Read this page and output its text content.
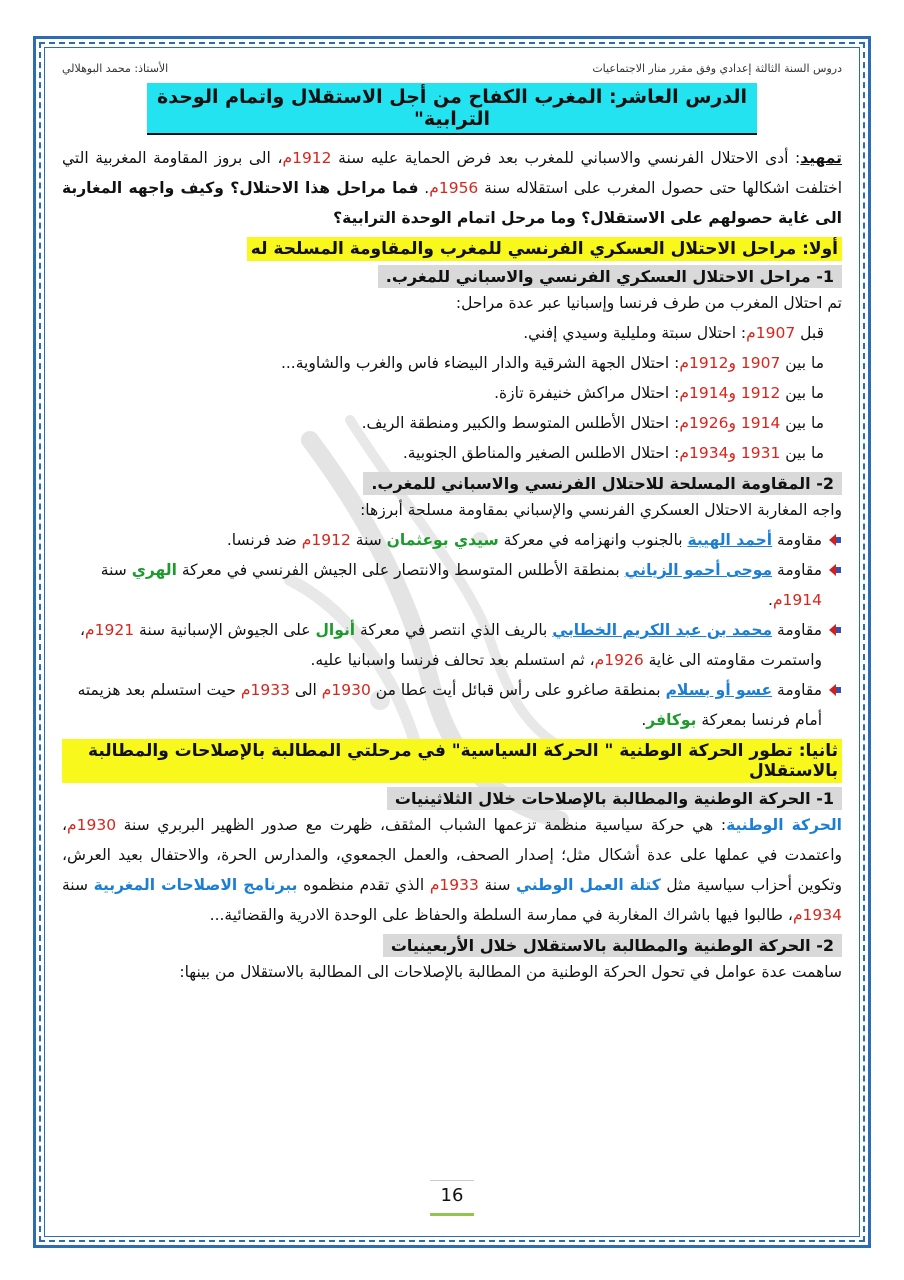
دروس السنة الثالثة إعدادي وفق مقرر منار الاجتماعيات
الأستاذ: محمد البوهلالي
الدرس العاشر: المغرب الكفاح من أجل الاستقلال واتمام الوحدة الترابية"

تمهيد: أدى الاحتلال الفرنسي والاسباني للمغرب بعد فرض الحماية عليه سنة 1912م، الى بروز المقاومة المغربية التي اختلفت اشكالها حتى حصول المغرب على استقلاله سنة 1956م. فما مراحل هذا الاحتلال؟ وكيف واجهه المغاربة الى غاية حصولهم على الاستقلال؟ وما مرحل اتمام الوحدة الترابية؟

أولا: مراحل الاحتلال العسكري الفرنسي للمغرب والمقاومة المسلحة له
1- مراحل الاحتلال العسكري الفرنسي والاسباني للمغرب.

تم احتلال المغرب من طرف فرنسا وإسبانيا عبر عدة مراحل:

قبل 1907م: احتلال سبتة ومليلية وسيدي إفني.

ما بين 1907 و1912م: احتلال الجهة الشرقية والدار البيضاء فاس والغرب والشاوية...

ما بين 1912 و1914م: احتلال مراكش خنيفرة تازة.

ما بين 1914 و1926م: احتلال الأطلس المتوسط والكبير ومنطقة الريف.

ما بين 1931 و1934م: احتلال الاطلس الصغير والمناطق الجنوبية.

2- المقاومة المسلحة للاحتلال الفرنسي والاسباني للمغرب.

واجه المغاربة الاحتلال العسكري الفرنسي والإسباني بمقاومة مسلحة أبرزها:

مقاومة أحمد الهيبة بالجنوب وانهزامه في معركة سيدي بوعثمان سنة 1912م ضد فرنسا.

مقاومة موحى أحمو الزياني بمنطقة الأطلس المتوسط والانتصار على الجيش الفرنسي في معركة الهري سنة 1914م.

مقاومة محمد بن عبد الكريم الخطابي بالريف الذي انتصر في معركة أنوال على الجيوش الإسبانية سنة 1921م، واستمرت مقاومته الى غاية 1926م، ثم استسلم بعد تحالف فرنسا واسبانيا عليه.

مقاومة عسو أو بسلام بمنطقة صاغرو على رأس قبائل أيت عطا من 1930م الى 1933م حيت استسلم بعد هزيمته أمام فرنسا بمعركة بوكافر.

ثانيا: تطور الحركة الوطنية " الحركة السياسية" في مرحلتي المطالبة بالإصلاحات والمطالبة بالاستقلال
1- الحركة الوطنية والمطالبة بالإصلاحات خلال الثلاثينيات

الحركة الوطنية: هي حركة سياسية منظمة تزعمها الشباب المثقف، ظهرت مع صدور الظهير البربري سنة 1930م، واعتمدت في عملها على عدة أشكال مثل؛ إصدار الصحف، والعمل الجمعوي، والمدارس الحرة، والاحتفال بعيد العرش، وتكوين أحزاب سياسية مثل كتلة العمل الوطني سنة 1933م الذي تقدم منظموه ببرنامج الاصلاحات المغربية سنة 1934م، طالبوا فيها باشراك المغاربة في ممارسة السلطة والحفاظ على الوحدة الادرية والقضائية...

2- الحركة الوطنية والمطالبة بالاستقلال خلال الأربعينيات

ساهمت عدة عوامل في تحول الحركة الوطنية من المطالبة بالإصلاحات الى المطالبة بالاستقلال من بينها:

16
